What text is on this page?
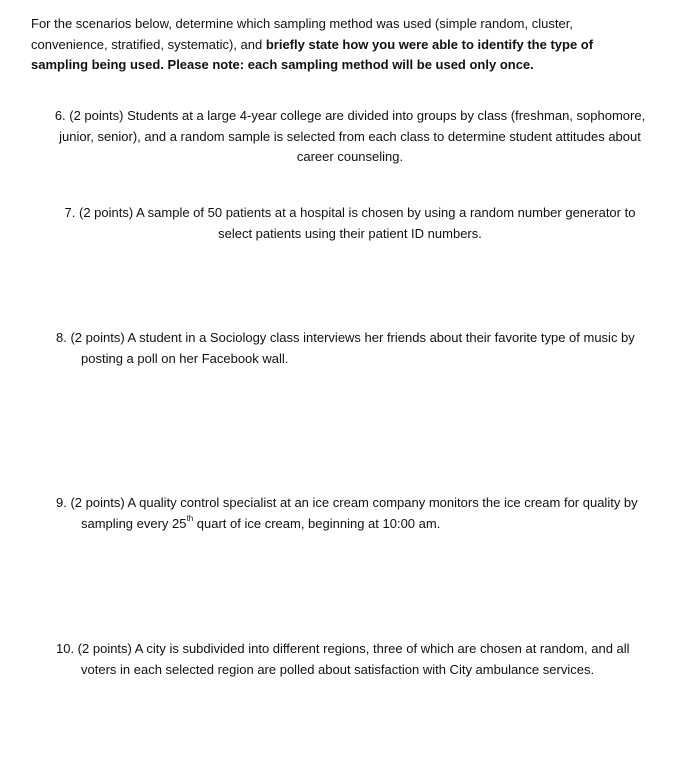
For the scenarios below, determine which sampling method was used (simple random, cluster, convenience, stratified, systematic), and briefly state how you were able to identify the type of sampling being used. Please note: each sampling method will be used only once.

6. (2 points) Students at a large 4-year college are divided into groups by class (freshman, sophomore, junior, senior), and a random sample is selected from each class to determine student attitudes about career counseling.

7. (2 points) A sample of 50 patients at a hospital is chosen by using a random number generator to select patients using their patient ID numbers.

8. (2 points) A student in a Sociology class interviews her friends about their favorite type of music by posting a poll on her Facebook wall.

9. (2 points) A quality control specialist at an ice cream company monitors the ice cream for quality by sampling every 25th quart of ice cream, beginning at 10:00 am.

10. (2 points) A city is subdivided into different regions, three of which are chosen at random, and all voters in each selected region are polled about satisfaction with City ambulance services.
